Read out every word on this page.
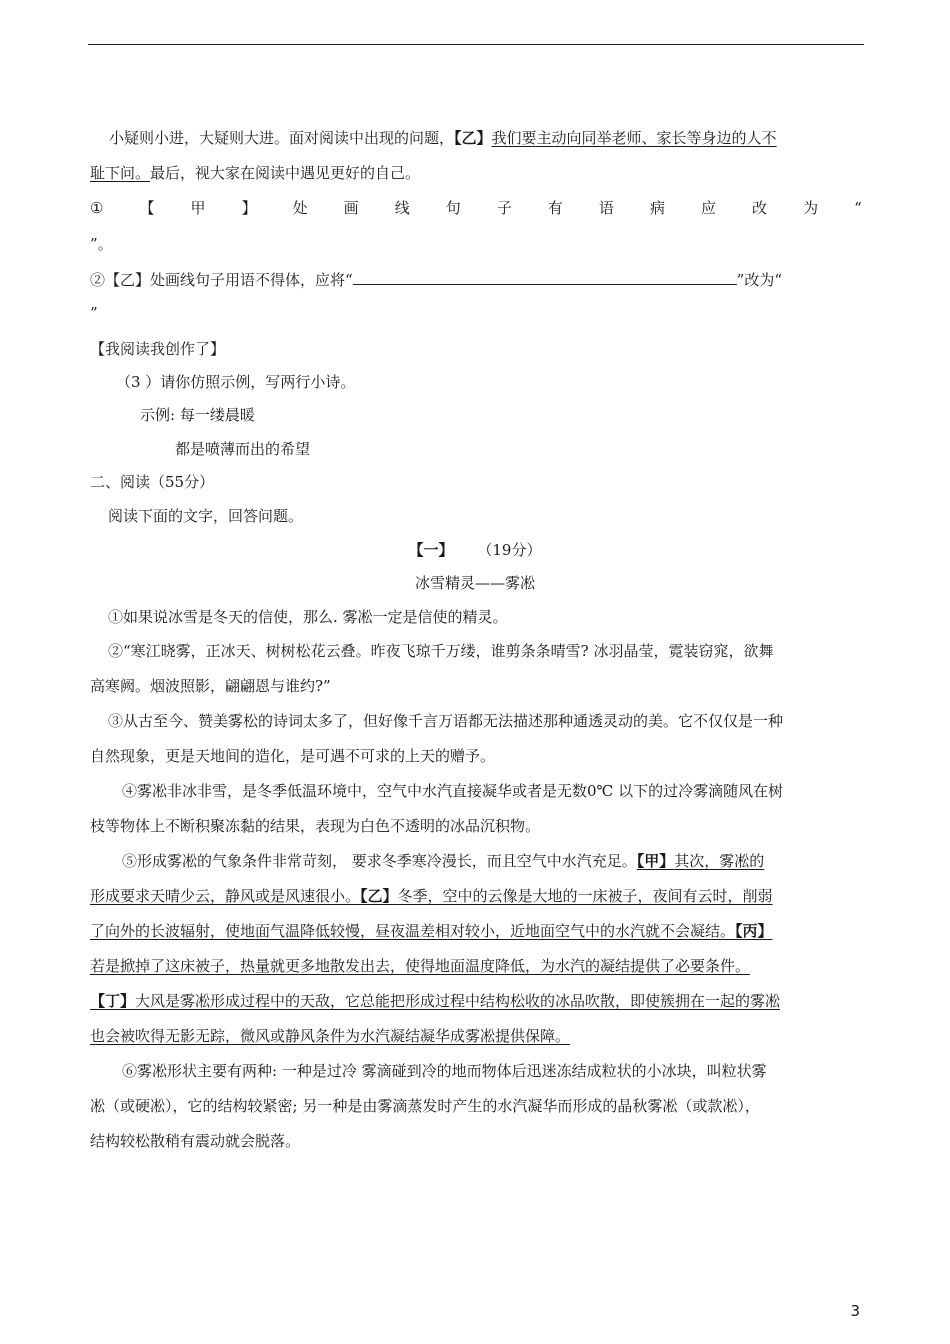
小疑则小进，大疑则大进。面对阅读中出现的问题，【乙】我们要主动向同举老师、家长等身边的人不
耻下问。最后，视大家在阅读中遇见更好的自己。
① 【 甲 】 处 画 线 句 子 有 语 病 应 改 为 “
”。
②【乙】处画线句子用语不得体，应将“	”改为“
”
【我阅读我创作了】
（3 ）请你仿照示例，写两行小诗。
示例: 每一缕晨暖
都是喷薄而出的希望
二、阅读（55分）
阅读下面的文字，回答问题。
【一】 （19分）
冰雪精灵——雾凇
①如果说冰雪是冬天的信使，那么. 雾凇一定是信使的精灵。
②“寒江晓雾，正冰天、树树松花云叠。昨夜飞琼千万缕，谁剪条条晴雪? 冰羽晶莹，霓装窃窕，欲舞
高寒阙。烟波照影，翩翩恩与谁约?”
③从古至今、赞美雾松的诗词太多了，但好像千言万语都无法描述那种通透灵动的美。它不仅仅是一种
自然现象，更是天地间的造化，是可遇不可求的上天的赠予。
④雾凇非冰非雪，是冬季低温环境中，空气中水汽直接凝华或者是无数0℃ 以下的过冷雾滴随风在树
枝等物体上不断积聚冻黏的结果，表现为白色不透明的冰品沉积物。
⑤形成雾凇的气象条件非常苛刻， 要求冬季寒冷漫长，而且空气中水汽充足。【甲】其次，雾凇的
形成要求天晴少云，静风或是风速很小。【乙】冬季，空中的云像是大地的一床被子，夜间有云时，削弱
了向外的长波辐射，使地面气温降低较慢，昼夜温差相对较小，近地面空气中的水汽就不会凝结。【丙】
若是掀掉了这床被子，热量就更多地散发出去，使得地面温度降低，为水汽的凝结提供了必要条件。
【丁】大风是雾凇形成过程中的天敌，它总能把形成过程中结构松收的冰品吹散，即使簇拥在一起的雾凇
也会被吹得无影无踪，微风或静风条件为水汽凝结凝华成雾凇提供保障。
⑥雾凇形状主要有两种: 一种是过冷 雾滴碰到冷的地而物体后迅迷冻结成粒状的小冰块，叫粒状雾
凇（或硬凇），它的结构较紧密; 另一种是由雾滴蒸发时产生的水汽凝华而形成的晶秋雾凇（或款凇），
结构较松散稍有震动就会脱落。
3
